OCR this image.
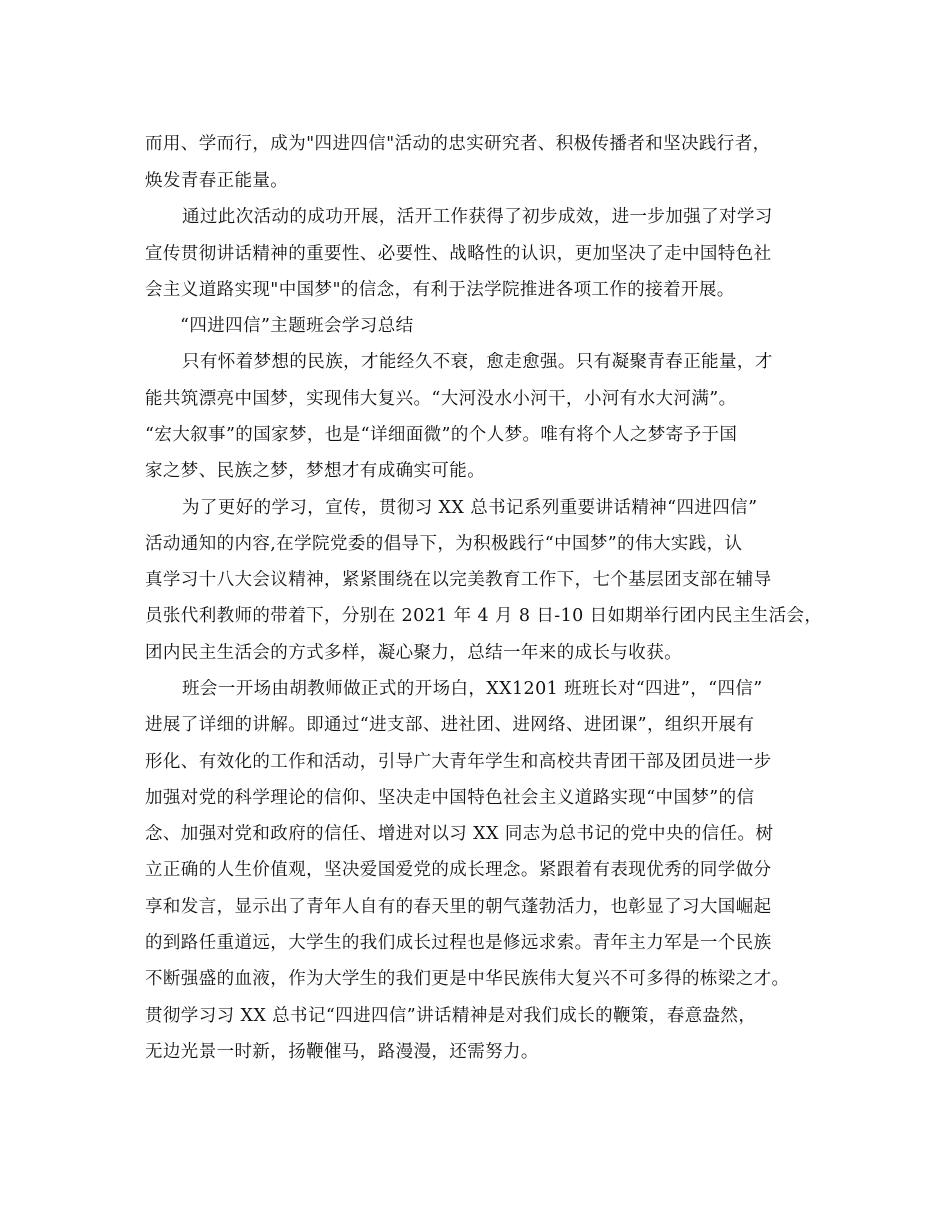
而用、学而行，成为"四进四信"活动的忠实研究者、积极传播者和坚决践行者，
焕发青春正能量。
通过此次活动的成功开展，活开工作获得了初步成效，进一步加强了对学习
宣传贯彻讲话精神的重要性、必要性、战略性的认识，更加坚决了走中国特色社
会主义道路实现"中国梦"的信念，有利于法学院推进各项工作的接着开展。
“四进四信”主题班会学习总结
只有怀着梦想的民族，才能经久不衰，愈走愈强。只有凝聚青春正能量，才
能共筑漂亮中国梦，实现伟大复兴。“大河没水小河干，小河有水大河满”。
“宏大叙事”的国家梦，也是“详细面微”的个人梦。唯有将个人之梦寄予于国
家之梦、民族之梦，梦想才有成确实可能。
为了更好的学习，宣传，贯彻习 XX 总书记系列重要讲话精神“四进四信”
活动通知的内容,在学院党委的倡导下，为积极践行“中国梦”的伟大实践，认
真学习十八大会议精神，紧紧围绕在以完美教育工作下，七个基层团支部在辅导
员张代利教师的带着下，分别在 2021 年 4 月 8 日-10 日如期举行团内民主生活会，
团内民主生活会的方式多样，凝心聚力，总结一年来的成长与收获。
班会一开场由胡教师做正式的开场白，XX1201 班班长对“四进”，“四信”
进展了详细的讲解。即通过“进支部、进社团、进网络、进团课”，组织开展有
形化、有效化的工作和活动，引导广大青年学生和高校共青团干部及团员进一步
加强对党的科学理论的信仰、坚决走中国特色社会主义道路实现“中国梦”的信
念、加强对党和政府的信任、增进对以习 XX 同志为总书记的党中央的信任。树
立正确的人生价值观，坚决爱国爱党的成长理念。紧跟着有表现优秀的同学做分
享和发言，显示出了青年人自有的春天里的朝气蓬勃活力，也彰显了习大国崛起
的到路任重道远，大学生的我们成长过程也是修远求索。青年主力军是一个民族
不断强盛的血液，作为大学生的我们更是中华民族伟大复兴不可多得的栋梁之才。
贯彻学习习 XX 总书记“四进四信”讲话精神是对我们成长的鞭策，春意盎然，
无边光景一时新，扬鞭催马，路漫漫，还需努力。
